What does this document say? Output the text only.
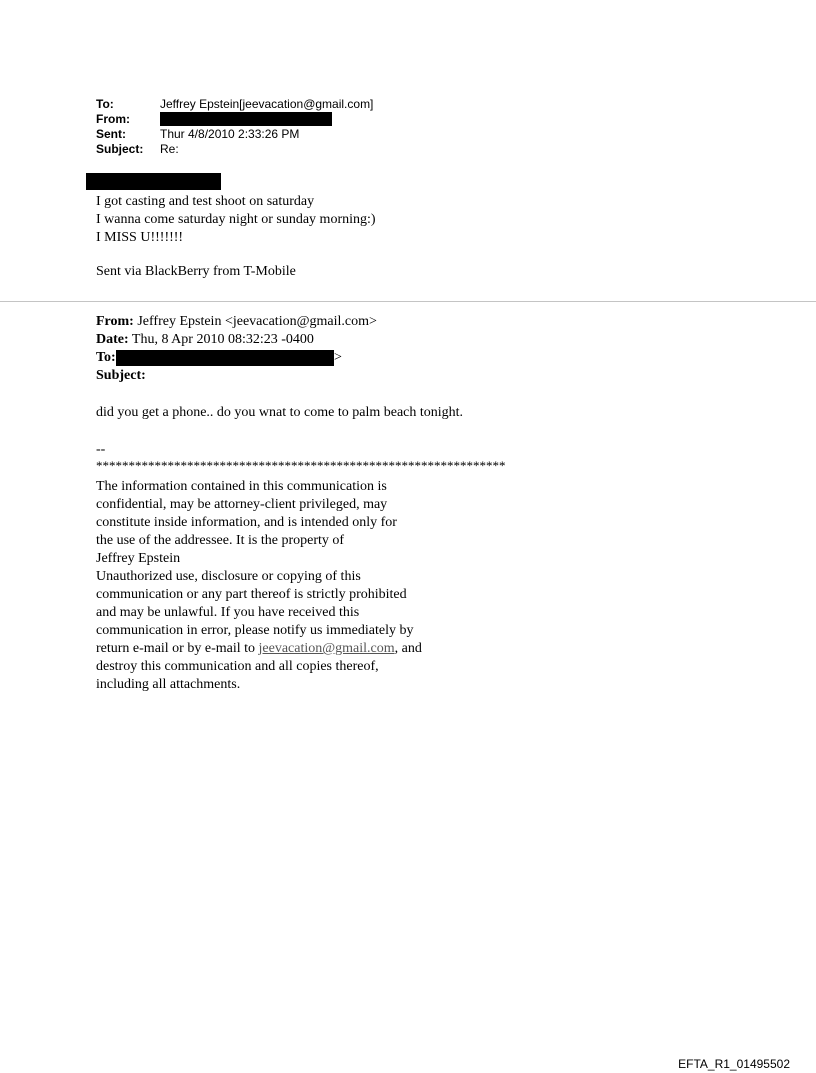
To:	Jeffrey Epstein[jeevacation@gmail.com]
From:
Sent:	Thur 4/8/2010 2:33:26 PM
Subject:	Re:
I got casting and test shoot on saturday
I wanna come saturday night or sunday morning:)
I MISS U!!!!!!!
Sent via BlackBerry from T-Mobile
From: Jeffrey Epstein <jeevacation@gmail.com>
Date: Thu, 8 Apr 2010 08:32:23 -0400
To:	>
Subject:
did you get a phone.. do you wnat to come to palm beach tonight.
--
***************************************************************
The information contained in this communication is
confidential, may be attorney-client privileged, may
constitute inside information, and is intended only for
the use of the addressee. It is the property of
Jeffrey Epstein
Unauthorized use, disclosure or copying of this
communication or any part thereof is strictly prohibited
and may be unlawful. If you have received this
communication in error, please notify us immediately by
return e-mail or by e-mail to jeevacation@gmail.com, and
destroy this communication and all copies thereof,
including all attachments.
EFTA_R1_01495502
